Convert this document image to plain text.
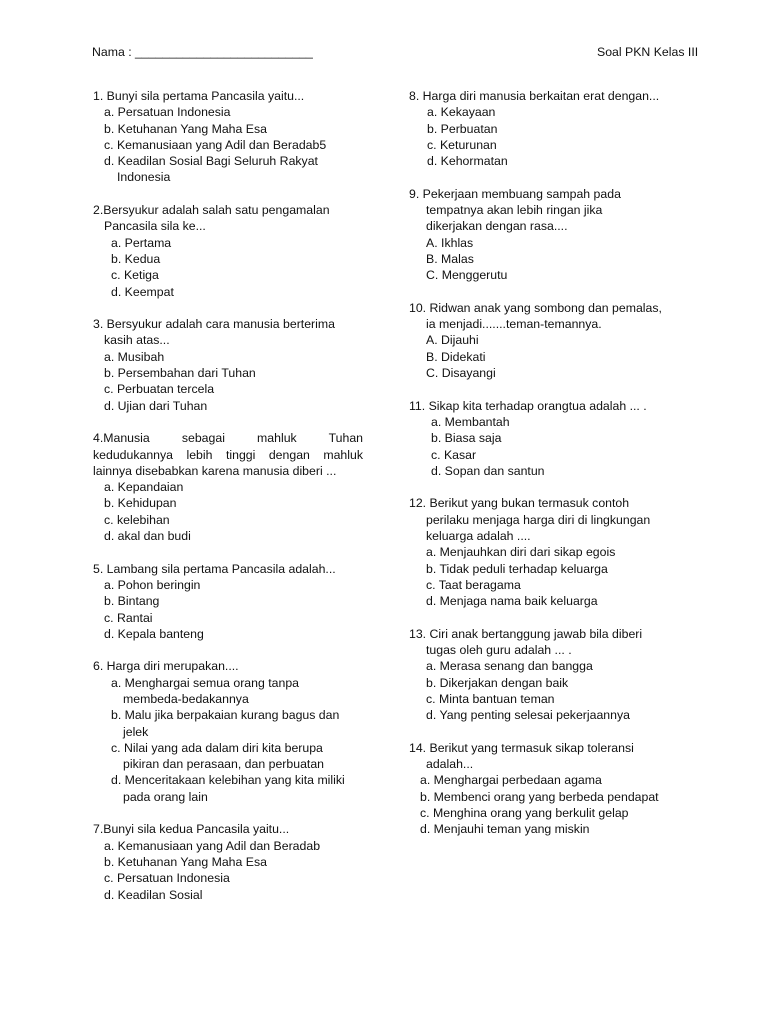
Nama : __________________________	Soal PKN Kelas III
1. Bunyi sila pertama Pancasila yaitu...
a. Persatuan Indonesia
b. Ketuhanan Yang Maha Esa
c. Kemanusiaan yang Adil dan Beradab5
d. Keadilan Sosial Bagi Seluruh Rakyat
Indonesia
2.Bersyukur adalah salah satu pengamalan
Pancasila sila ke...
a. Pertama
b. Kedua
c. Ketiga
d. Keempat
3. Bersyukur adalah cara manusia berterima
kasih atas...
a. Musibah
b. Persembahan dari Tuhan
c. Perbuatan tercela
d. Ujian dari Tuhan
4.Manusia sebagai mahluk Tuhan
kedudukannya lebih tinggi dengan mahluk
lainnya disebabkan karena manusia diberi ...
a. Kepandaian
b. Kehidupan
c. kelebihan
d. akal dan budi
5. Lambang sila pertama Pancasila adalah...
a. Pohon beringin
b. Bintang
c. Rantai
d. Kepala banteng
6. Harga diri merupakan....
a. Menghargai semua orang tanpa
membeda-bedakannya
b. Malu jika berpakaian kurang bagus dan
jelek
c. Nilai yang ada dalam diri kita berupa
pikiran dan perasaan, dan perbuatan
d. Menceritakaan kelebihan yang kita miliki
pada orang lain
7.Bunyi sila kedua Pancasila yaitu...
a. Kemanusiaan yang Adil dan Beradab
b. Ketuhanan Yang Maha Esa
c. Persatuan Indonesia
d. Keadilan Sosial
8. Harga diri manusia berkaitan erat dengan...
a. Kekayaan
b. Perbuatan
c. Keturunan
d. Kehormatan
9. Pekerjaan membuang sampah pada
tempatnya akan lebih ringan jika
dikerjakan dengan rasa....
A. Ikhlas
B. Malas
C. Menggerutu
10. Ridwan anak yang sombong dan pemalas,
ia menjadi.......teman-temannya.
A. Dijauhi
B. Didekati
C. Disayangi
11. Sikap kita terhadap orangtua adalah ... .
a. Membantah
b. Biasa saja
c. Kasar
d. Sopan dan santun
12. Berikut yang bukan termasuk contoh
perilaku menjaga harga diri di lingkungan
keluarga adalah ....
a. Menjauhkan diri dari sikap egois
b. Tidak peduli terhadap keluarga
c. Taat beragama
d. Menjaga nama baik keluarga
13. Ciri anak bertanggung jawab bila diberi
tugas oleh guru adalah ... .
a. Merasa senang dan bangga
b. Dikerjakan dengan baik
c. Minta bantuan teman
d. Yang penting selesai pekerjaannya
14. Berikut yang termasuk sikap toleransi
adalah...
a. Menghargai perbedaan agama
b. Membenci orang yang berbeda pendapat
c. Menghina orang yang berkulit gelap
d. Menjauhi teman yang miskin
